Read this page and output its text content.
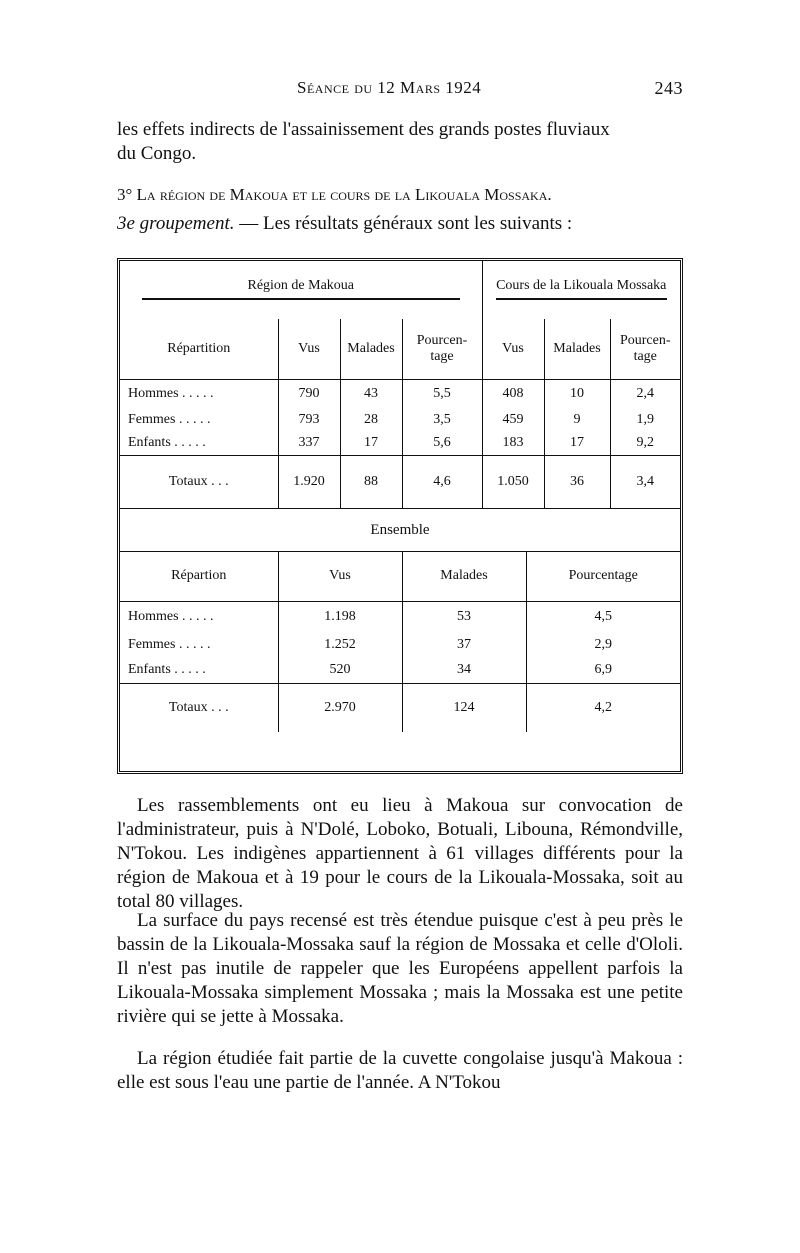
Séance du 12 Mars 1924	243

les effets indirects de l'assainissement des grands postes fluviaux
du Congo.

3° La région de Makoua et le cours de la Likouala Mossaka.

3e groupement. — Les résultats généraux sont les suivants :

Région de Makoua				Cours de la Likouala Mossaka		

Répartition	Vus	Malades	Pourcen- tage	Vus	Malades	Pourcen- tage
Hommes . . . . .	790	43	5,5	408	10	2,4
Femmes . . . . .	793	28	3,5	459	9	1,9
Enfants . . . . .	337	17	5,6	183	17	9,2
Totaux . . .	1.920	88	4,6	1.050	36	3,4
Ensemble
Répartion	Vus	Malades	Pourcentage
Hommes . . . . .	1.198	53	4,5
Femmes . . . . .	1.252	37	2,9
Enfants . . . . .	520	34	6,9
Totaux . . .	2.970	124	4,2

Les rassemblements ont eu lieu à Makoua sur convocation de l'administrateur, puis à N'Dolé, Loboko, Botuali, Libouna, Rémondville, N'Tokou. Les indigènes appartiennent à 61 villages différents pour la région de Makoua et à 19 pour le cours de la Likouala-Mossaka, soit au total 80 villages.

La surface du pays recensé est très étendue puisque c'est à peu près le bassin de la Likouala-Mossaka sauf la région de Mossaka et celle d'Ololi. Il n'est pas inutile de rappeler que les Européens appellent parfois la Likouala-Mossaka simplement Mossaka ; mais la Mossaka est une petite rivière qui se jette à Mossaka.

La région étudiée fait partie de la cuvette congolaise jusqu'à Makoua : elle est sous l'eau une partie de l'année. A N'Tokou
